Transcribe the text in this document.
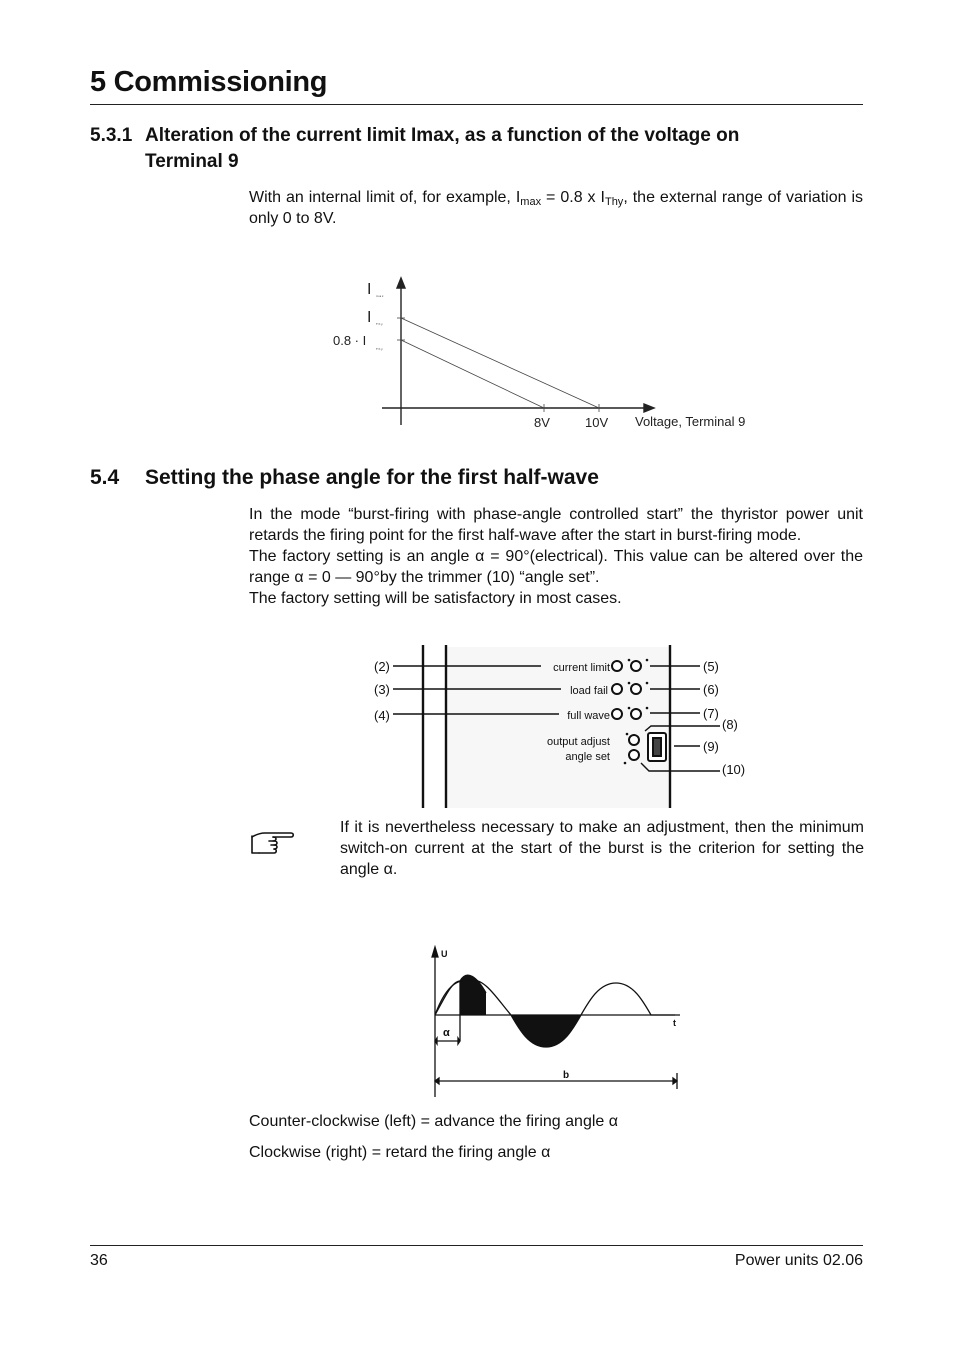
5 Commissioning
5.3.1 Alteration of the current limit Imax, as a function of the voltage on
Terminal 9
With an internal limit of, for example, $I_{max} = 0.8$ x $I_{Thy}$, the external range of variation is only 0 to 8V.
I m a x
I T h y
0.8 · I
T h y
8V	10V Voltage, Terminal 9
5.4 Setting the phase angle for the first half-wave

In the mode “burst-firing with phase-angle controlled start” the thyristor power unit retards the firing point for the first half-wave after the start in burst-firing mode.

The factory setting is an angle α = 90°(electrical). This value can be altered over the range α = 0 — 90°by the trimmer (10) “angle set”.

The factory setting will be satisfactory in most cases.

current limit
load fail
full wave
output adjust
angle set
(2)
(3)
(4)
(5)
(6)
(7)
(8)
(9)
(10)
If it is nevertheless necessary to make an adjustment, then the minimum switch-on current at the start of the burst is the criterion for setting the angle α.
U
t
α
b
Counter-clockwise (left) = advance the firing angle α
Clockwise (right) = retard the firing angle α
36	Power units 02.06
